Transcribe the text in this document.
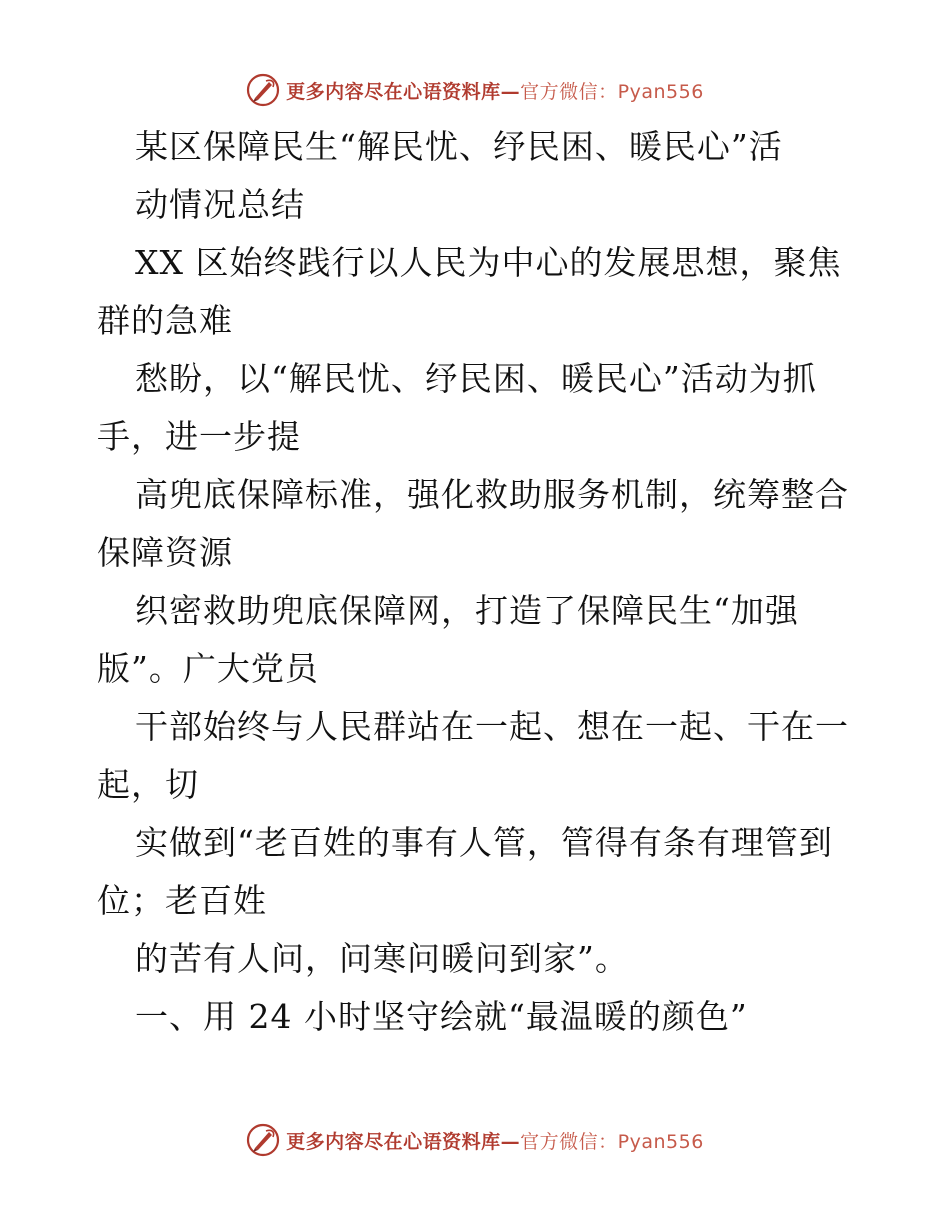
更多内容尽在心语资料库—官方微信：Pyan556
某区保障民生“解民忧、纾民困、暖民心”活
动情况总结
XX 区始终践行以人民为中心的发展思想，聚焦
群的急难
愁盼，以“解民忧、纾民困、暖民心”活动为抓
手，进一步提
高兜底保障标准，强化救助服务机制，统筹整合
保障资源
织密救助兜底保障网，打造了保障民生“加强
版”。广大党员
干部始终与人民群站在一起、想在一起、干在一
起，切
实做到“老百姓的事有人管，管得有条有理管到
位；老百姓
的苦有人问，问寒问暖问到家”。
一、用 24 小时坚守绘就“最温暖的颜色”
更多内容尽在心语资料库—官方微信：Pyan556
